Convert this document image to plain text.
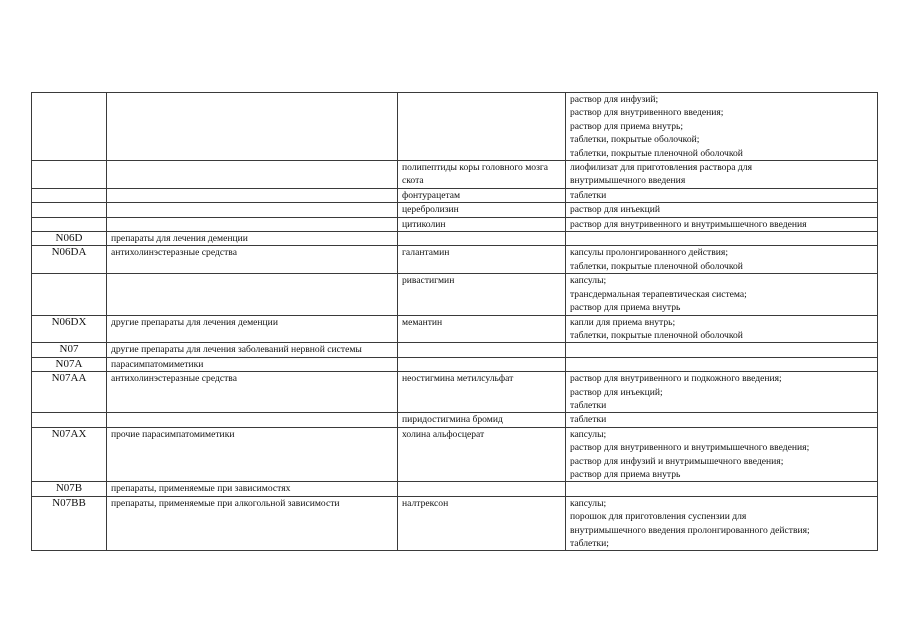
			раствор для инфузий;
раствор для внутривенного введения;
раствор для приема внутрь;
таблетки, покрытые оболочкой;
таблетки, покрытые пленочной оболочкой

		полипептиды коры головного мозга скота	лиофилизат для приготовления раствора для
внутримышечного введения

		фонтурацетам	таблетки

		церебролизин	раствор для инъекций

		цитиколин	раствор для внутривенного и внутримышечного введения

N06D	препараты для лечения деменции		
N06DA	антихолинэстеразные средства	галантамин	капсулы пролонгированного действия;
таблетки, покрытые пленочной оболочкой

		ривастигмин	капсулы;
трансдермальная терапевтическая система;
раствор для приема внутрь

N06DX	другие препараты для лечения деменции	мемантин	капли для приема внутрь;
таблетки, покрытые пленочной оболочкой

N07	другие препараты для лечения заболеваний нервной системы		
N07A	парасимпатомиметики		
N07AA	антихолинэстеразные средства	неостигмина метилсульфат	раствор для внутривенного и подкожного введения;
раствор для инъекций;
таблетки

		пиридостигмина бромид	таблетки

N07AX	прочие парасимпатомиметики	холина альфосцерат	капсулы;
раствор для внутривенного и внутримышечного введения;
раствор для инфузий и внутримышечного введения;
раствор для приема внутрь

N07B	препараты, применяемые при зависимостях		
N07BB	препараты, применяемые при алкогольной зависимости	налтрексон	капсулы;
порошок для приготовления суспензии для
внутримышечного введения пролонгированного действия;
таблетки;
